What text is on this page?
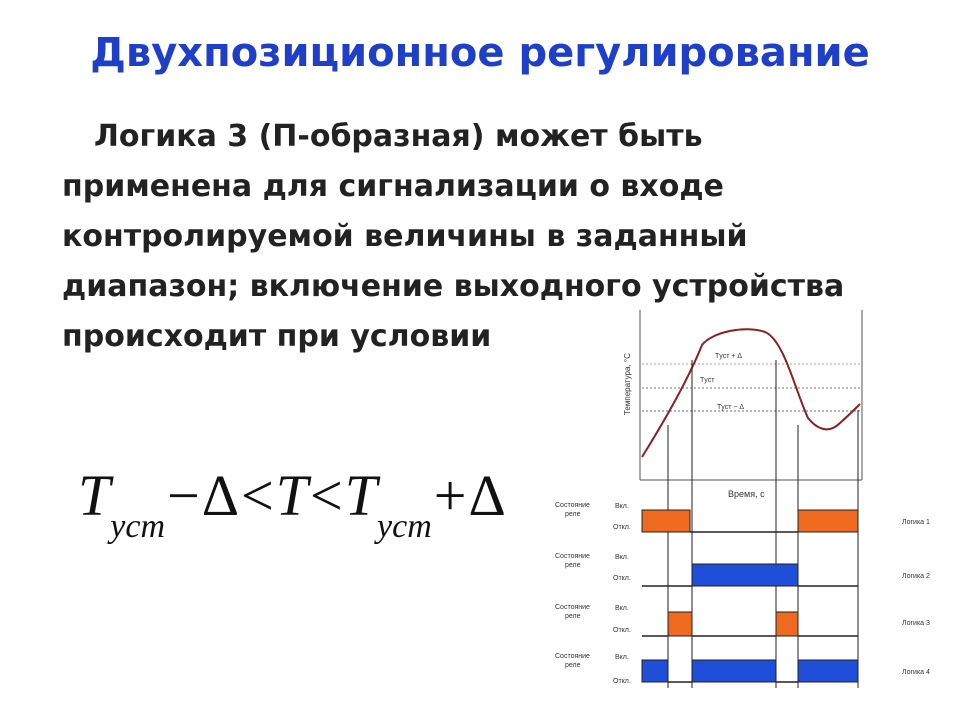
Двухпозиционное регулирование
Логика 3 (П-образная) может быть
применена для сигнализации о входе
контролируемой величины в заданный
диапазон; включение выходного устройства
происходит при условии
$T_{уст}-\Delta<T<T_{уст}+\Delta$
Температура, °С
Время, с
Tуст + Δ
Tуст
Tуст − Δ
Состояние
реле
Вкл.
Откл.
Логика 1
Состояние
реле
Вкл.
Откл.	Логика 2
Состояние
реле
Вкл.
Откл.
Логика 3
Состояние
реле
Вкл.
Откл.
Логика 4
